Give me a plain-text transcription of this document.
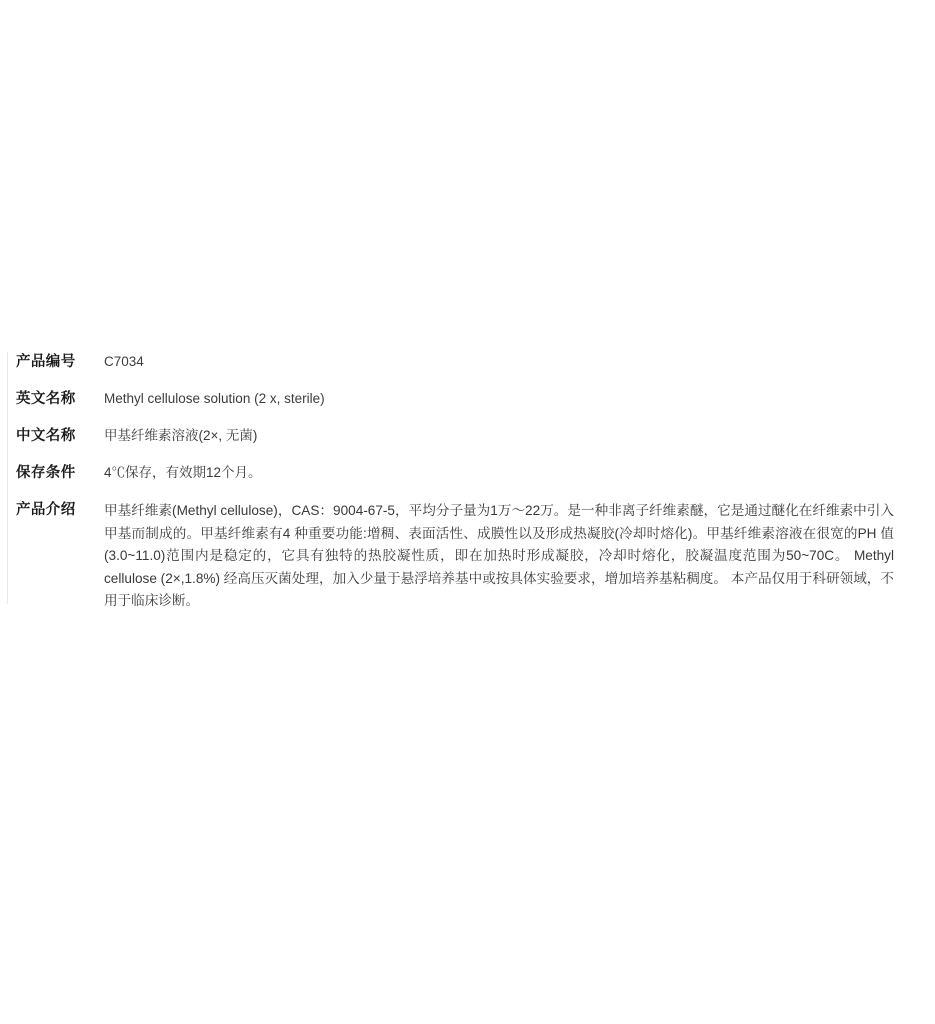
产品编号	C7034
英文名称	Methyl cellulose solution (2 x, sterile)
中文名称	甲基纤维素溶液(2×, 无菌)
保存条件	4℃保存，有效期12个月。
产品介绍	甲基纤维素(Methyl cellulose)，CAS：9004-67-5，平均分子量为1万～22万。是一种非离子纤维素醚，它是通过醚化在纤维素中引入甲基而制成的。甲基纤维素有4 种重要功能:增稠、表面活性、成膜性以及形成热凝胶(冷却时熔化)。甲基纤维素溶液在很宽的PH 值(3.0~11.0)范围内是稳定的，它具有独特的热胶凝性质，即在加热时形成凝胶，冷却时熔化，胶凝温度范围为50~70C。 Methyl cellulose (2×,1.8%) 经高压灭菌处理，加入少量于悬浮培养基中或按具体实验要求，增加培养基粘稠度。 本产品仅用于科研领域，不用于临床诊断。
